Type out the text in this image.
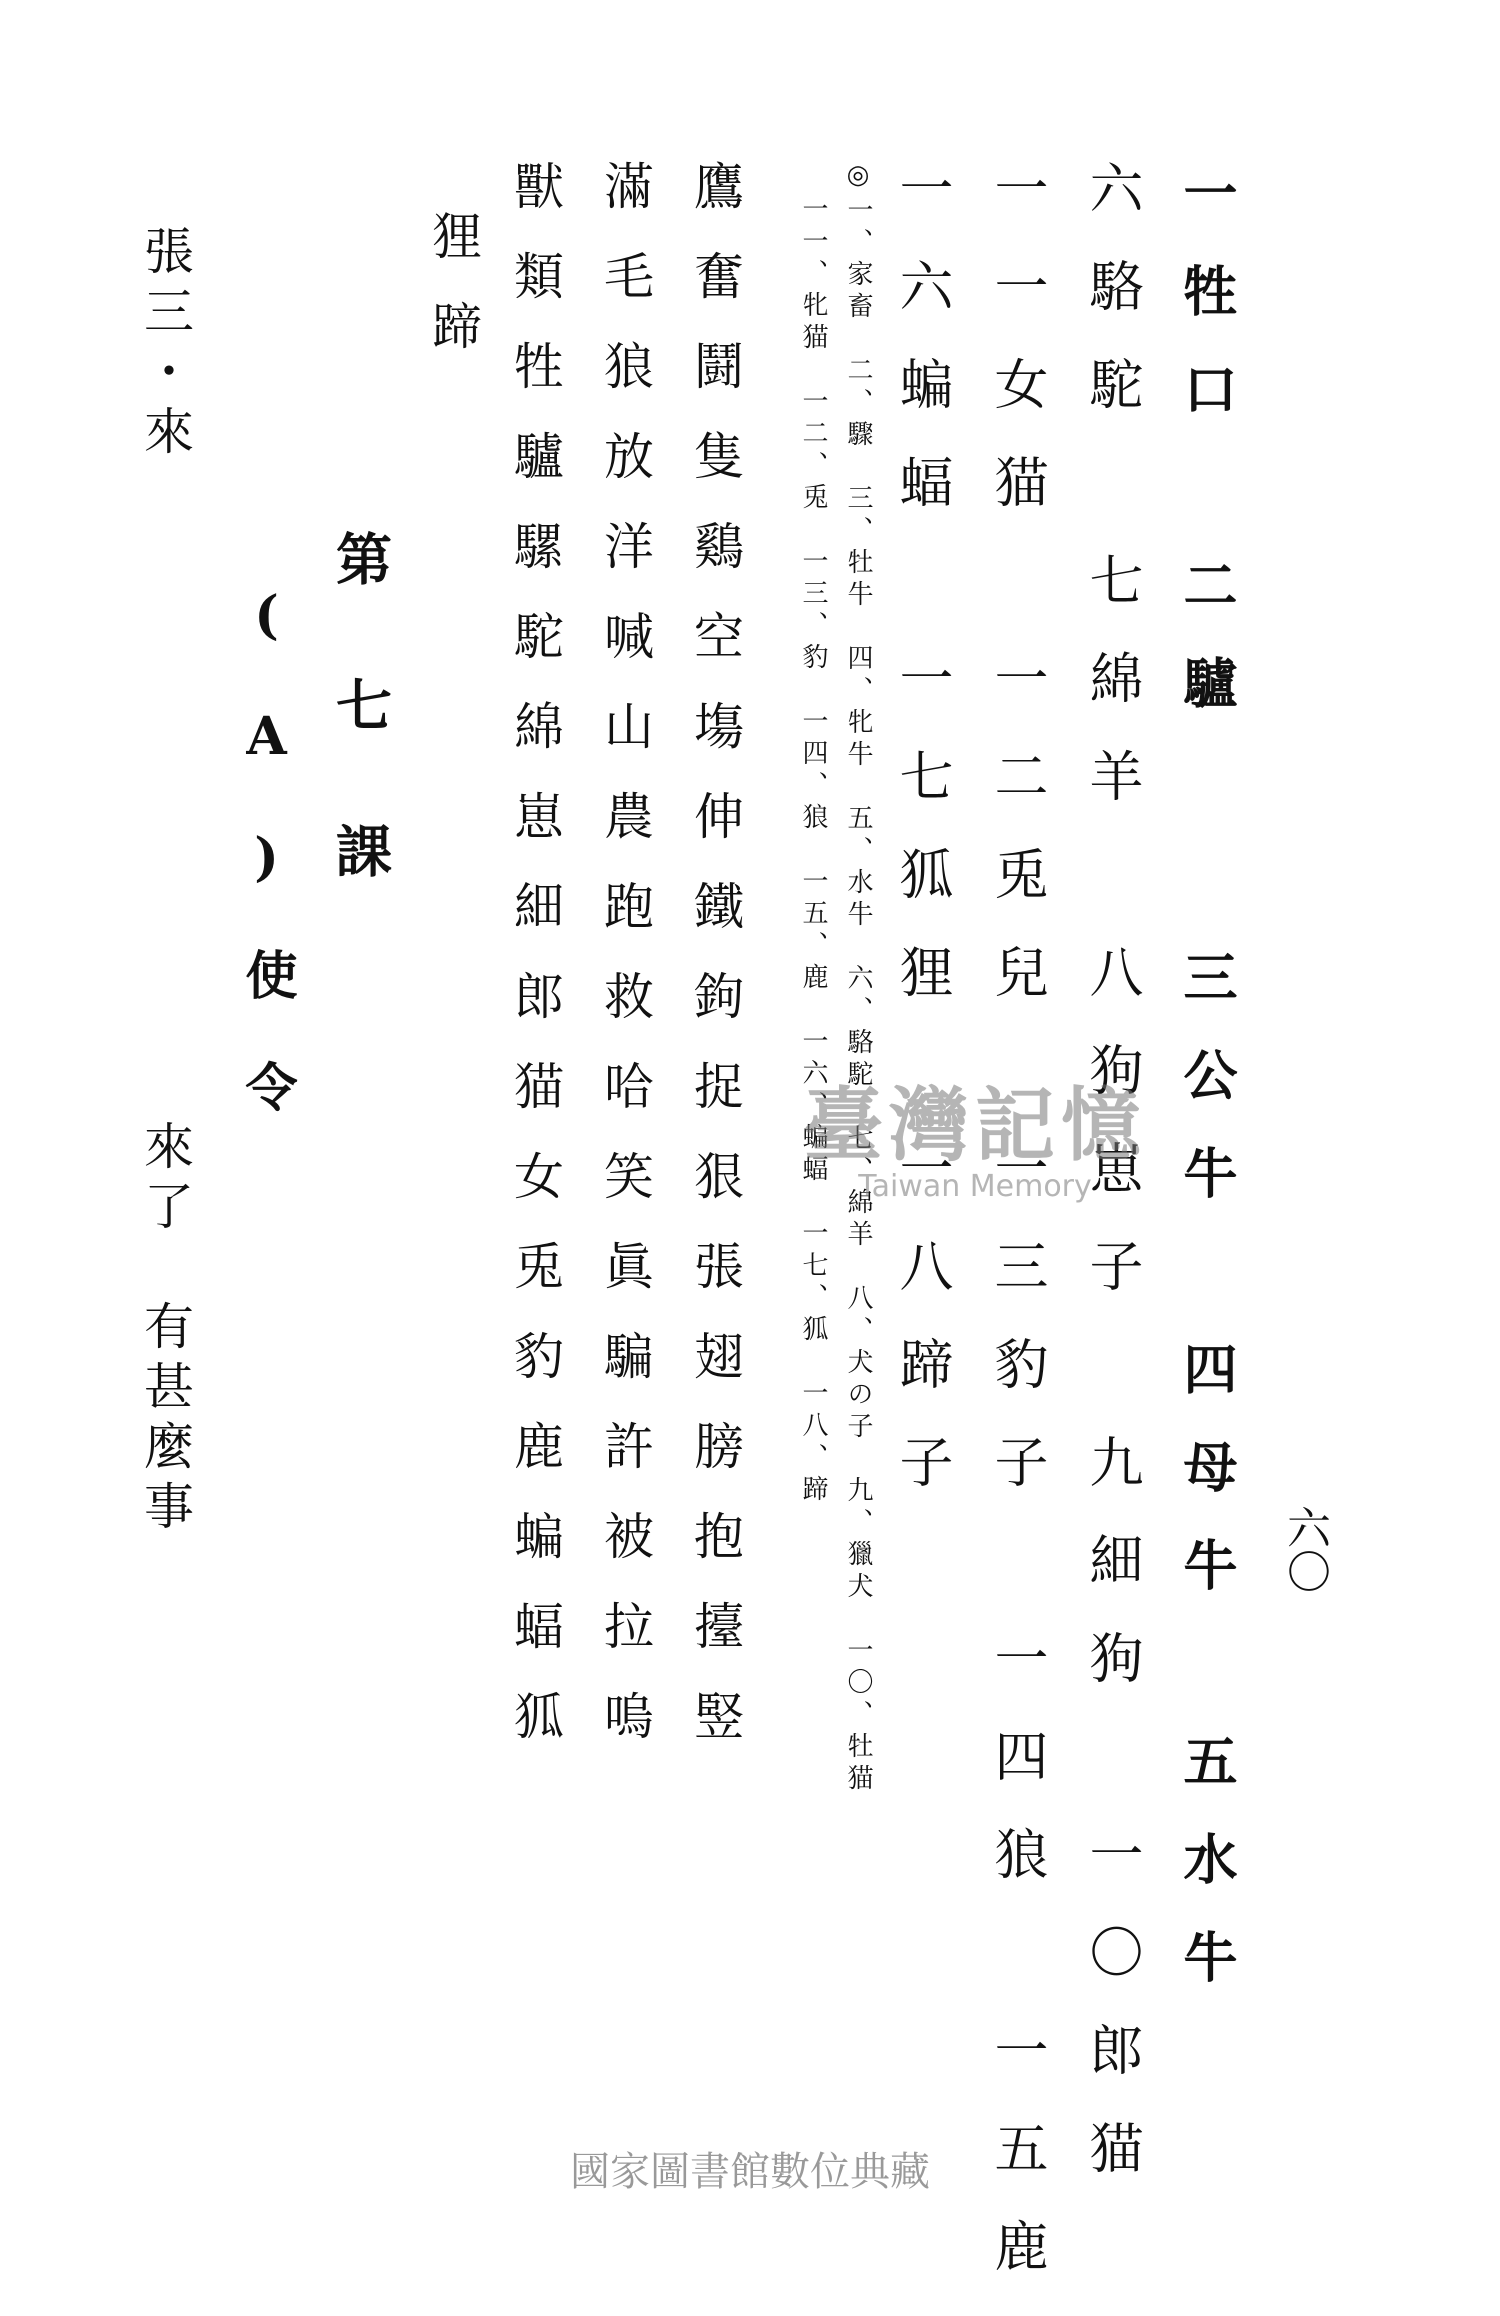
六〇
一牲口　二驢　　三公牛　四母牛　五水牛
六駱駝　七綿羊　八狗崽子　九細狗　一〇郎猫
一一女猫　一二兎兒　一三豹子　一四狼　一五鹿
一六蝙蝠　一七狐狸　一八蹄子
◎一、家畜　二、驟　三、牡牛　四、牝牛　五、水牛　六、駱駝　七、綿羊　八、犬の子　九、獵犬　一〇、牡猫
一一、牝猫　一二、兎　一三、豹　一四、狼　一五、鹿　一六、蝙蝠　一七、狐　一八、蹄
鷹奮鬪隻鷄空塲伸鐵鉤捉狠張翅膀抱擡竪
滿毛狼放洋喊山農跑救哈笑眞騙許被拉嗚
獸類牲驢騾駝綿崽細郎猫女兎豹鹿蝙蝠狐
狸蹄
第七課
(A)使令
張三・來
來了　有甚麼事	臺灣記憶
Taiwan Memory
國家圖書館數位典藏
